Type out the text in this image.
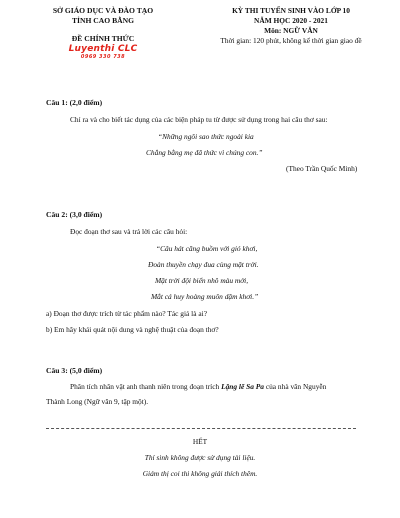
SỞ GIÁO DỤC VÀ ĐÀO TẠO
TỈNH CAO BẰNG
ĐỀ CHÍNH THỨC
Luyenthi CLC
0969 330 738
KỲ THI TUYỂN SINH VÀO LỚP 10
NĂM HỌC 2020 - 2021
Môn: NGỮ VĂN
Thời gian: 120 phút, không kể thời gian giao đề
Câu 1: (2,0 điểm)
Chỉ ra và cho biết tác dụng của các biện pháp tu từ được sử dụng trong hai câu thơ sau:
“Những ngôi sao thức ngoài kia
Chẳng bằng mẹ đã thức vì chúng con.”
(Theo Trần Quốc Minh)
Câu 2: (3,0 điểm)
Đọc đoạn thơ sau và trả lời các câu hỏi:
“Câu hát căng buồm với gió khơi,
Đoàn thuyền chạy đua cùng mặt trời.
Mặt trời đội biển nhô màu mới,
Mắt cá huy hoàng muôn dặm khơi.”
a) Đoạn thơ được trích từ tác phẩm nào? Tác giả là ai?
b) Em hãy khái quát nội dung và nghệ thuật của đoạn thơ?
Câu 3: (5,0 điểm)
Phân tích nhân vật anh thanh niên trong đoạn trích Lặng lẽ Sa Pa của nhà văn Nguyễn
Thành Long (Ngữ văn 9, tập một).
HẾT
Thí sinh không được sử dụng tài liệu.
Giám thị coi thi không giải thích thêm.
